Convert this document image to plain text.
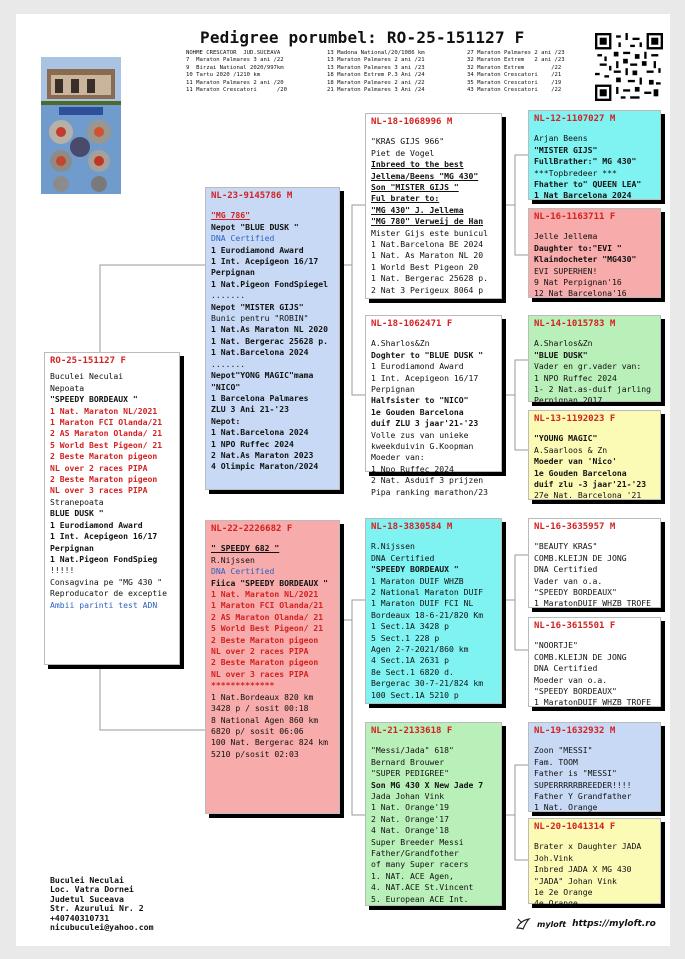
Pedigree porumbel: RO-25-151127 F
NOHME CRESCATOR  JUD.SUCEAVA
7  Maraton Palmares 3 ani /22
9  Birzai National 2020/997km
10 Tartu 2020 /1210 km
11 Maraton Palmares 2 ani /20
11 Maraton Crescatori      /20
13 Madona National/20/1086 km
13 Maraton Palmares 2 ani /21
13 Maraton Palmares 3 ani /23
18 Maraton Extrem P.3 Ani /24
18 Maraton Palmares 2 ani /22
21 Maraton Palmares 3 Ani /24
27 Maraton Palmares 2 ani /23
32 Maraton Extrem   2 ani /23
32 Maraton Extrem        /22
34 Maraton Crescatori    /21
35 Maraton Crescatori    /19
43 Maraton Crescatori    /22
RO-25-151127 F
Buculei Neculai
Nepoata
"SPEEDY BORDEAUX "
1 Nat. Maraton NL/2021
1 Maraton FCI Olanda/21
2 AS Maraton Olanda/ 21
5 World Best Pigeon/ 21
2 Beste Maraton pigeon
NL over 2 races PIPA
2 Beste Maraton pigeon
NL over 3 races PIPA
Stranepoata
BLUE DUSK "
1 Eurodiamond Award
1 Int. Acepigeon 16/17
Perpignan
1 Nat.Pigeon FondSpieg
!!!!!
Consagvina pe "MG 430 "
Reproducator de exceptie
Ambii parinti test ADN
NL-23-9145786 M
"MG 786"
Nepot "BLUE DUSK "
DNA Certified
1 Eurodiamond Award
1 Int. Acepigeon 16/17
Perpignan
1 Nat.Pigeon FondSpiegel
.......
Nepot "MISTER GIJS"
Bunic pentru "ROBIN"
1 Nat.As Maraton NL 2020
1 Nat. Bergerac 25628 p.
1 Nat.Barcelona 2024
.......
Nepot"YONG MAGIC"mama
"NICO"
1 Barcelona Palmares
ZLU 3 Ani 21-'23
Nepot:
1 Nat.Barcelona 2024
1 NPO Ruffec 2024
2 Nat.As Maraton 2023
4 Olimpic Maraton/2024
NL-22-2226682 F
" SPEEDY 682 "
R.Nijssen
DNA Certified
Fiica "SPEEDY BORDEAUX "
1 Nat. Maraton NL/2021
1 Maraton FCI Olanda/21
2 AS Maraton Olanda/ 21
5 World Best Pigeon/ 21
2 Beste Maraton pigeon
NL over 2 races PIPA
2 Beste Maraton pigeon
NL over 3 races PIPA
*************
1 Nat.Bordeaux 820 km
3428 p / sosit 00:18
8 National Agen 860 km
6820 p/ sosit 06:06
100 Nat. Bergerac 824 km
5210 p/sosit 02:03
NL-18-1068996 M
"KRAS GIJS 966"
Piet de Vogel
Inbreed to the best
Jellema/Beens "MG 430"
Son "MISTER GIJS "
Ful brater to:
"MG 430" J. Jellema
"MG 780" Verweij de Han
Mister Gijs este bunicul
1 Nat.Barcelona BE 2024
1 Nat. As Maraton NL 20
1 World Best Pigeon 20
1 Nat. Bergerac 25628 p.
2 Nat 3 Perigeux 8064 p
NL-18-1062471 F
A.Sharlos&Zn
Doghter to "BLUE DUSK "
1 Eurodiamond Award
1 Int. Acepigeon 16/17
Perpignan
Halfsister to "NICO"
1e Gouden Barcelona
duif ZLU 3 jaar'21-'23
Volle zus van unieke
kweekduivin G.Koopman
Moeder van:
1 Npo Ruffec 2024
2 Nat. Asduif 3 prijzen
Pipa ranking marathon/23
NL-18-3830584 M
R.Nijssen
DNA Certified
"SPEEDY BORDEAUX "
1 Maraton DUIF WHZB
2 National Maraton DUIF
1 Maraton DUIF FCI NL
Bordeaux 18-6-21/820 Km
1 Sect.1A 3428 p
5 Sect.1 228 p
Agen 2-7-2021/860 km
4 Sect.1A 2631 p
8e Sect.1 6820 d.
Bergerac 30-7-21/824 km
100 Sect.1A 5210 p
NL-21-2133618 F
"Messi/Jada" 618"
Bernard Brouwer
"SUPER PEDIGREE"
Son MG 430 X New Jade 7
Jada Johan Vink
1 Nat. Orange'19
2 Nat. Orange'17
4 Nat. Orange'18
Super Breeder Messi
Father/Grandfother
of many Super racers
1. NAT. ACE Agen,
4. NAT.ACE St.Vincent
5. European ACE Int.
NL-12-1107027 M
Arjan Beens
"MISTER GIJS"
FullBrather:" MG 430"
***Topbredeer ***
Fhather to" QUEEN LEA"
1 Nat Barcelona 2024
NL-16-1163711 F
Jelle Jellema
Daughter to:"EVI "
Klaindocheter "MG430"
EVI SUPERHEN!
9 Nat Perpignan'16
12 Nat Barcelona'16
NL-14-1015783 M
A.Sharlos&Zn
"BLUE DUSK"
Vader en gr.vader van:
1 NPO Ruffec 2024
1- 2 Nat.as-duif jarling
Perpignan 2017
NL-13-1192023 F
"YOUNG MAGIC"
A.Saarloos & Zn
Moeder van 'Nico'
1e Gouden Barcelona
duif zlu -3 jaar'21-'23
27e Nat. Barcelona '21
NL-16-3635957 M
"BEAUTY KRAS"
COMB.KLEIJN DE JONG
DNA Certified
Vader van o.a.
"SPEEDY BORDEAUX"
1 MaratonDUIF WHZB TROFE
NL-16-3615501 F
"NOORTJE"
COMB.KLEIJN DE JONG
DNA Certified
Moeder van o.a.
"SPEEDY BORDEAUX"
1 MaratonDUIF WHZB TROFE
NL-19-1632932 M
Zoon "MESSI"
Fam. TOOM
Father is "MESSI"
SUPERRRRRBREEDER!!!!
Father Y Grandfather
1 Nat. Orange
NL-20-1041314 F
Brater x Daughter JADA
Joh.Vink
Inbred JADA X MG 430
"JADA" Johan Vink
1e 2e Orange
4e Orange
Buculei Neculai
Loc. Vatra Dornei
Judetul Suceava
Str. Azurului Nr. 2
+40740310731
nicubuculei@yahoo.com	myloft https://myloft.ro
